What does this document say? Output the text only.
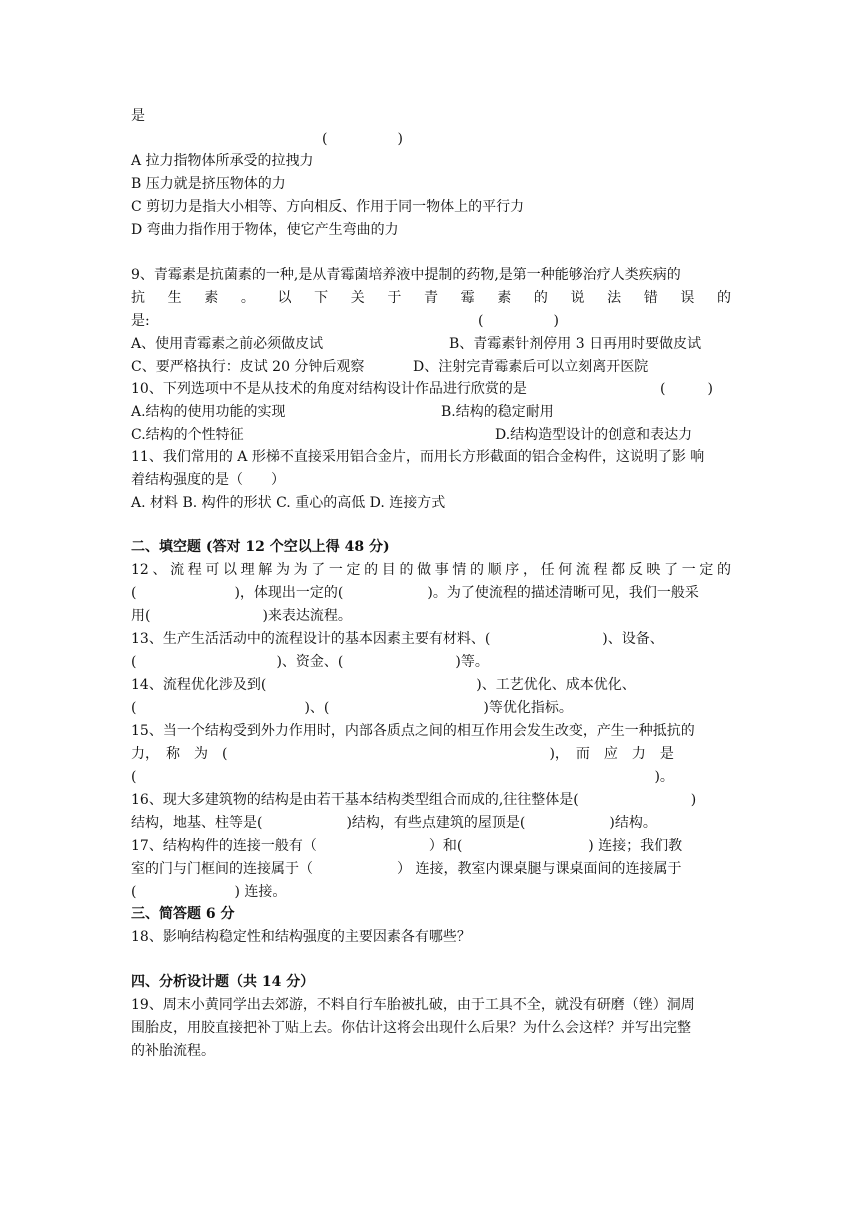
是
(　　　　　)
A 拉力指物体所承受的拉拽力
B 压力就是挤压物体的力
C 剪切力是指大小相等、方向相反、作用于同一物体上的平行力
D 弯曲力指作用于物体，使它产生弯曲的力
9、青霉素是抗菌素的一种,是从青霉菌培养液中提制的药物,是第一种能够治疗人类疾病的
抗 生 素 。 以 下 关 于 青 霉 素 的 说 法 错 误 的
是:	(　　　　　)
A、使用青霉素之前必须做皮试	B、青霉素针剂停用 3 日再用时要做皮试
C、要严格执行：皮试 20 分钟后观察	D、注射完青霉素后可以立刻离开医院
10、下列选项中不是从技术的角度对结构设计作品进行欣赏的是	(　　　)
A.结构的使用功能的实现	B.结构的稳定耐用
C.结构的个性特征	D.结构造型设计的创意和表达力
11、我们常用的 A 形梯不直接采用铝合金片，而用长方形截面的铝合金构件，这说明了影 响
着结构强度的是（　　）
A. 材料 B. 构件的形状 C. 重心的高低 D. 连接方式
二、填空题 (答对 12 个空以上得 48 分)
12、流程可以理解为为了一定的目的做事情的顺序，任何流程都反映了一定的
(　　　　　　　)，体现出一定的(　　　　　　)。为了使流程的描述清晰可见，我们一般采
用(　　　　　　　　)来表达流程。
13、生产生活活动中的流程设计的基本因素主要有材料、(　　　　　　　　)、设备、
(　　　　　　　　　　)、资金、(　　　　　　　　)等。
14、流程优化涉及到(　　　　　　　　　　　　　　　)、工艺优化、成本优化、
(　　　　　　　　　　　　)、(　　　　　　　　　　　)等优化指标。
15、当一个结构受到外力作用时，内部各质点之间的相互作用会发生改变，产生一种抵抗的
力，　称　为　(　　　　　　　　　　　　　　　　　　　　　　　)，　而　应　力　是
(　　　　　　　　　　　　　　　　　　　　　　　　　　　　　　　　　　　　　)。
16、现大多建筑物的结构是由若干基本结构类型组合而成的,往往整体是(　　　　　　　　)
结构，地基、柱等是(　　　　　　)结构，有些点建筑的屋顶是(　　　　　　)结构。
17、结构构件的连接一般有（　　　　　　　　）和(　　　　　　　　　) 连接；我们教
室的门与门框间的连接属于（　　　　　　） 连接，教室内课桌腿与课桌面间的连接属于
(　　　　　　　) 连接。
三、简答题 6 分
18、影响结构稳定性和结构强度的主要因素各有哪些？
四、分析设计题（共 14 分）
19、周末小黄同学出去郊游，不料自行车胎被扎破，由于工具不全，就没有研磨（锉）洞周
围胎皮，用胶直接把补丁贴上去。你估计这将会出现什么后果？为什么会这样？并写出完整
的补胎流程。
